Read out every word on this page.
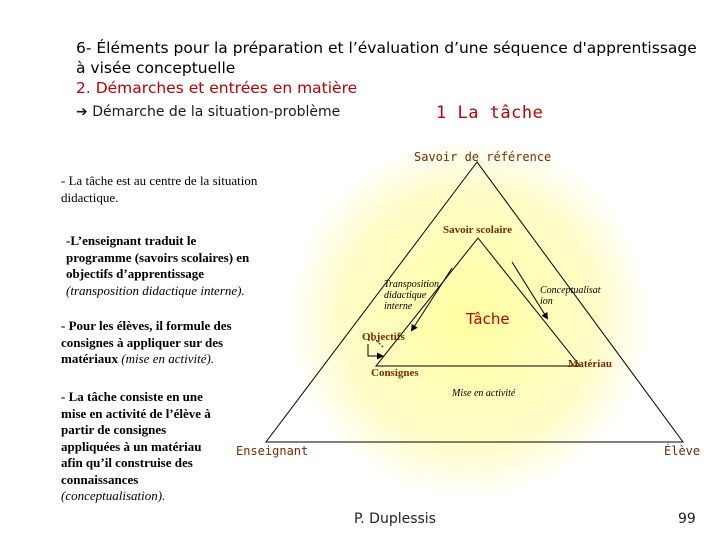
6- Éléments pour la préparation et l’évaluation d’une séquence d'apprentissage
à visée conceptuelle
2. Démarches et entrées en matière
➔ Démarche de la situation-problème	1 La tâche
Savoir de référence
Savoir scolaire
Transposition
didactique
interne
Conceptualisat
ion
Tâche
Objectifs
Consignes
Matériau
Mise en activité
Enseignant	Élève
- La tâche est au centre de la situation
didactique.
-L’enseignant traduit le
programme (savoirs scolaires) en
objectifs d’apprentissage
(transposition didactique interne).
- Pour les élèves, il formule des
consignes à appliquer sur des
matériaux (mise en activité).
- La tâche consiste en une
mise en activité de l’élève à
partir de consignes
appliquées à un matériau
afin qu’il construise des
connaissances
(conceptualisation).
P. Duplessis	99
